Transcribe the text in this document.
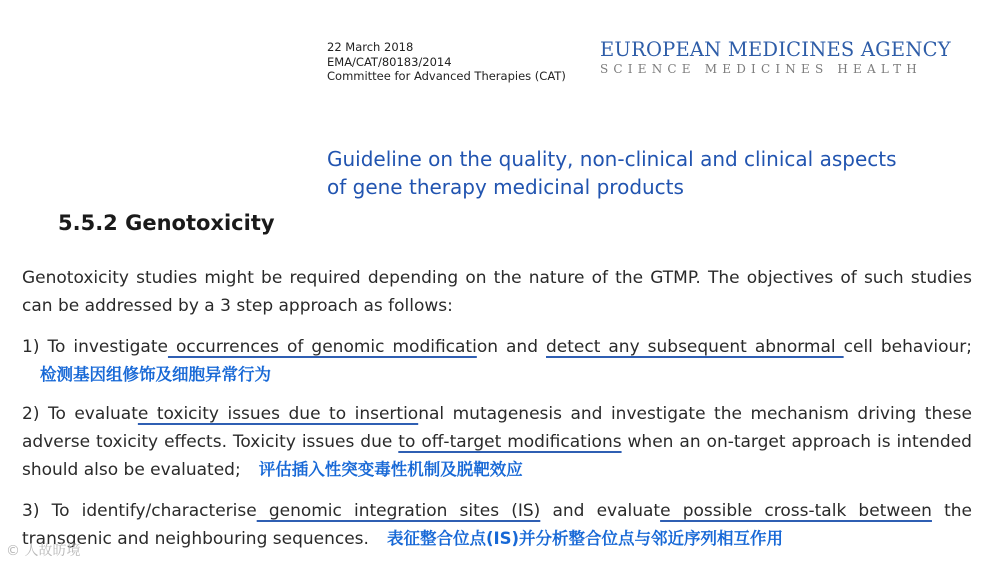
22 March 2018
EMA/CAT/80183/2014
Committee for Advanced Therapies (CAT)
EUROPEAN MEDICINES AGENCY
SCIENCE MEDICINES HEALTH
Guideline on the quality, non-clinical and clinical aspects
of gene therapy medicinal products
5.5.2 Genotoxicity
Genotoxicity studies might be required depending on the nature of the GTMP. The objectives of such studies can be addressed by a 3 step approach as follows:
1) To investigate occurrences of genomic modification and detect any subsequent abnormal cell behaviour;检测基因组修饰及细胞异常行为
2) To evaluate toxicity issues due to insertional mutagenesis and investigate the mechanism driving these adverse toxicity effects. Toxicity issues due to off-target modifications when an on-target approach is intended should also be evaluated; 评估插入性突变毒性机制及脱靶效应
3) To identify/characterise genomic integration sites (IS) and evaluate possible cross-talk between the transgenic and neighbouring sequences. 表征整合位点(IS)并分析整合位点与邻近序列相互作用
© 人故昉境
